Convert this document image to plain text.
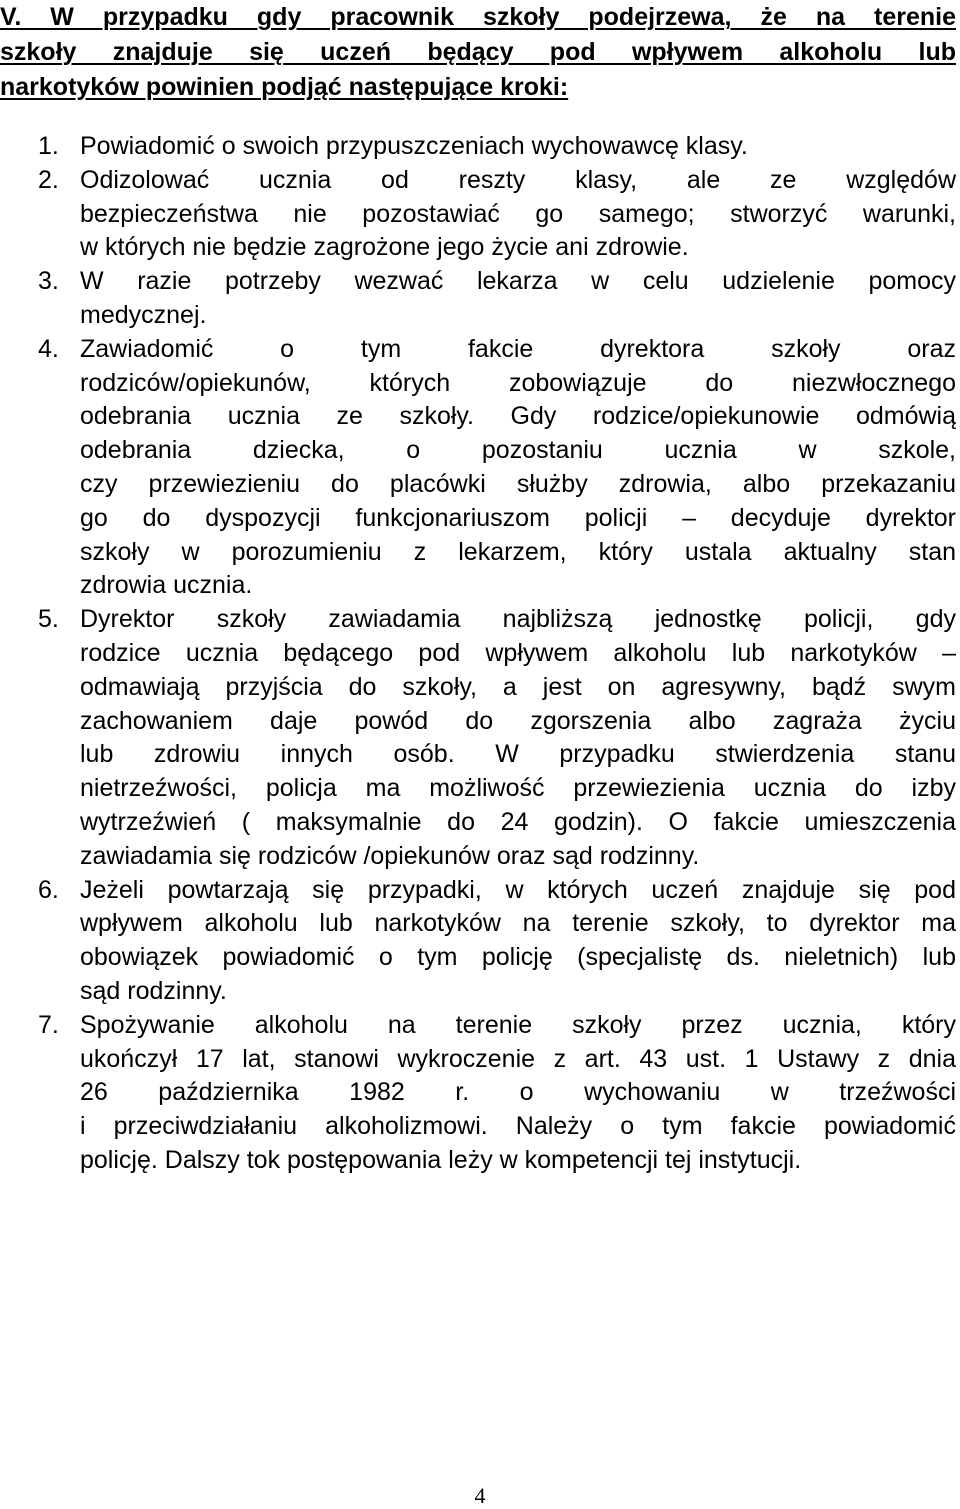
V. W przypadku gdy pracownik szkoły podejrzewa, że na terenie
szkoły znajduje się uczeń będący pod wpływem alkoholu lub
narkotyków powinien podjąć następujące kroki:
1. Powiadomić o swoich przypuszczeniach wychowawcę klasy.
2. Odizolować ucznia od reszty klasy, ale ze względów
bezpieczeństwa nie pozostawiać go samego; stworzyć warunki,
w których nie będzie zagrożone jego życie ani zdrowie.
3. W razie potrzeby wezwać lekarza w celu udzielenie pomocy
medycznej.
4. Zawiadomić o tym fakcie dyrektora szkoły oraz
rodziców/opiekunów, których zobowiązuje do niezwłocznego
odebrania ucznia ze szkoły. Gdy rodzice/opiekunowie odmówią
odebrania dziecka, o pozostaniu ucznia w szkole,
czy przewiezieniu do placówki służby zdrowia, albo przekazaniu
go do dyspozycji funkcjonariuszom policji – decyduje dyrektor
szkoły w porozumieniu z lekarzem, który ustala aktualny stan
zdrowia ucznia.
5. Dyrektor szkoły zawiadamia najbliższą jednostkę policji, gdy
rodzice ucznia będącego pod wpływem alkoholu lub narkotyków –
odmawiają przyjścia do szkoły, a jest on agresywny, bądź swym
zachowaniem daje powód do zgorszenia albo zagraża życiu
lub zdrowiu innych osób. W przypadku stwierdzenia stanu
nietrzeźwości, policja ma możliwość przewiezienia ucznia do izby
wytrzeźwień ( maksymalnie do 24 godzin). O fakcie umieszczenia
zawiadamia się rodziców /opiekunów oraz sąd rodzinny.
6. Jeżeli powtarzają się przypadki, w których uczeń znajduje się pod
wpływem alkoholu lub narkotyków na terenie szkoły, to dyrektor ma
obowiązek powiadomić o tym policję (specjalistę ds. nieletnich) lub
sąd rodzinny.
7. Spożywanie alkoholu na terenie szkoły przez ucznia, który
ukończył 17 lat, stanowi wykroczenie z art. 43 ust. 1 Ustawy z dnia
26 października 1982 r. o wychowaniu w trzeźwości
i przeciwdziałaniu alkoholizmowi. Należy o tym fakcie powiadomić
policję. Dalszy tok postępowania leży w kompetencji tej instytucji.
4
